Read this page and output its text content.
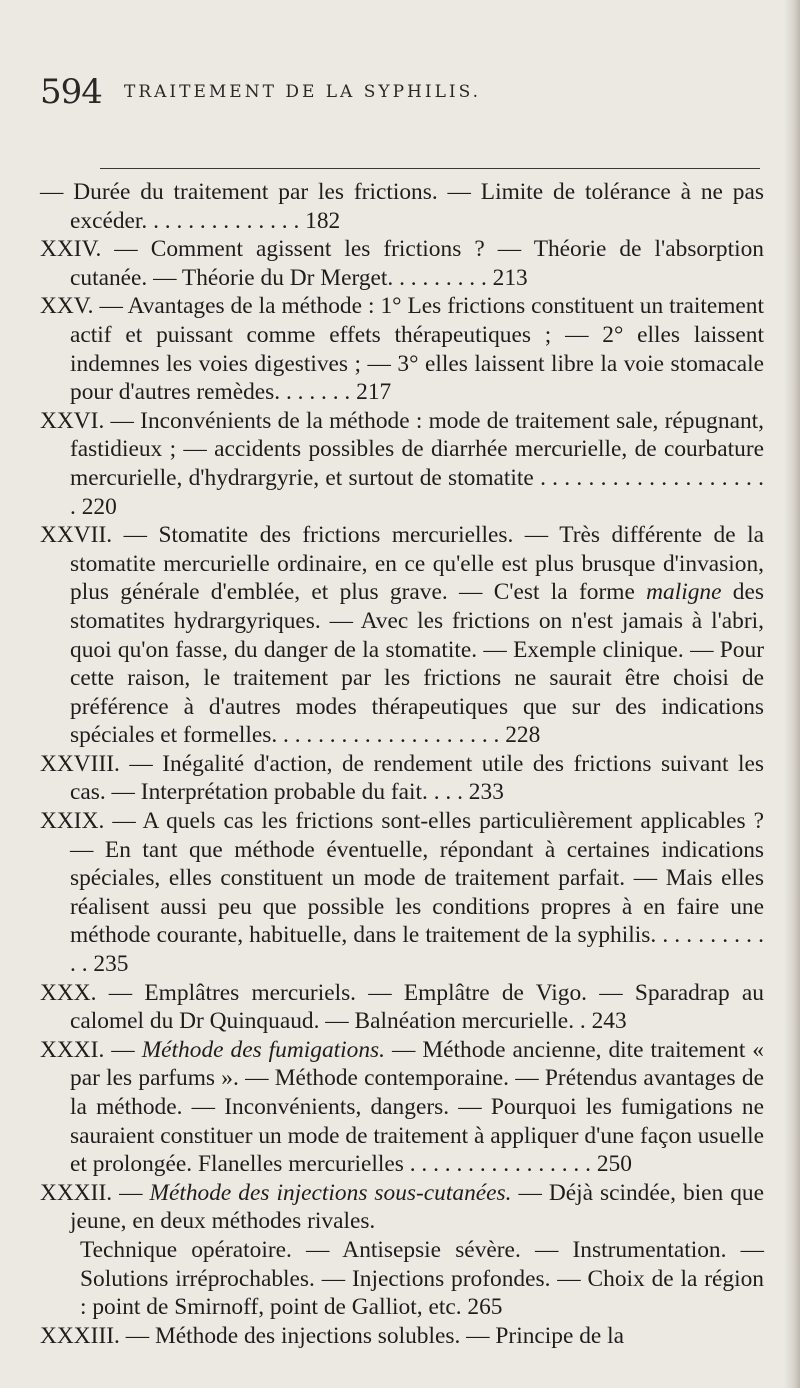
594 TRAITEMENT DE LA SYPHILIS.

— Durée du traitement par les frictions. — Limite de tolérance à ne pas excéder. . . . . . . . . . . . . . 182

XXIV. — Comment agissent les frictions ? — Théorie de l'absorption cutanée. — Théorie du Dr Merget. . . . . . . . . 213

XXV. — Avantages de la méthode : 1° Les frictions constituent un traitement actif et puissant comme effets thérapeutiques ; — 2° elles laissent indemnes les voies digestives ; — 3° elles laissent libre la voie stomacale pour d'autres remèdes. . . . . . . 217

XXVI. — Inconvénients de la méthode : mode de traitement sale, répugnant, fastidieux ; — accidents possibles de diarrhée mercurielle, de courbature mercurielle, d'hydrargyrie, et surtout de stomatite . . . . . . . . . . . . . . . . . . . . 220

XXVII. — Stomatite des frictions mercurielles. — Très différente de la stomatite mercurielle ordinaire, en ce qu'elle est plus brusque d'invasion, plus générale d'emblée, et plus grave. — C'est la forme maligne des stomatites hydrargyriques. — Avec les frictions on n'est jamais à l'abri, quoi qu'on fasse, du danger de la stomatite. — Exemple clinique. — Pour cette raison, le traitement par les frictions ne saurait être choisi de préférence à d'autres modes thérapeutiques que sur des indications spéciales et formelles. . . . . . . . . . . . . . . . . . . . 228

XXVIII. — Inégalité d'action, de rendement utile des frictions suivant les cas. — Interprétation probable du fait. . . . 233

XXIX. — A quels cas les frictions sont-elles particulièrement applicables ? — En tant que méthode éventuelle, répondant à certaines indications spéciales, elles constituent un mode de traitement parfait. — Mais elles réalisent aussi peu que possible les conditions propres à en faire une méthode courante, habituelle, dans le traitement de la syphilis. . . . . . . . . . . . 235

XXX. — Emplâtres mercuriels. — Emplâtre de Vigo. — Sparadrap au calomel du Dr Quinquaud. — Balnéation mercurielle. . 243

XXXI. — Méthode des fumigations. — Méthode ancienne, dite traitement « par les parfums ». — Méthode contemporaine. — Prétendus avantages de la méthode. — Inconvénients, dangers. — Pourquoi les fumigations ne sauraient constituer un mode de traitement à appliquer d'une façon usuelle et prolongée. Flanelles mercurielles . . . . . . . . . . . . . . . . 250

XXXII. — Méthode des injections sous-cutanées. — Déjà scindée, bien que jeune, en deux méthodes rivales.

Technique opératoire. — Antisepsie sévère. — Instrumentation. — Solutions irréprochables. — Injections profondes. — Choix de la région : point de Smirnoff, point de Galliot, etc. 265

XXXIII. — Méthode des injections solubles. — Principe de la
